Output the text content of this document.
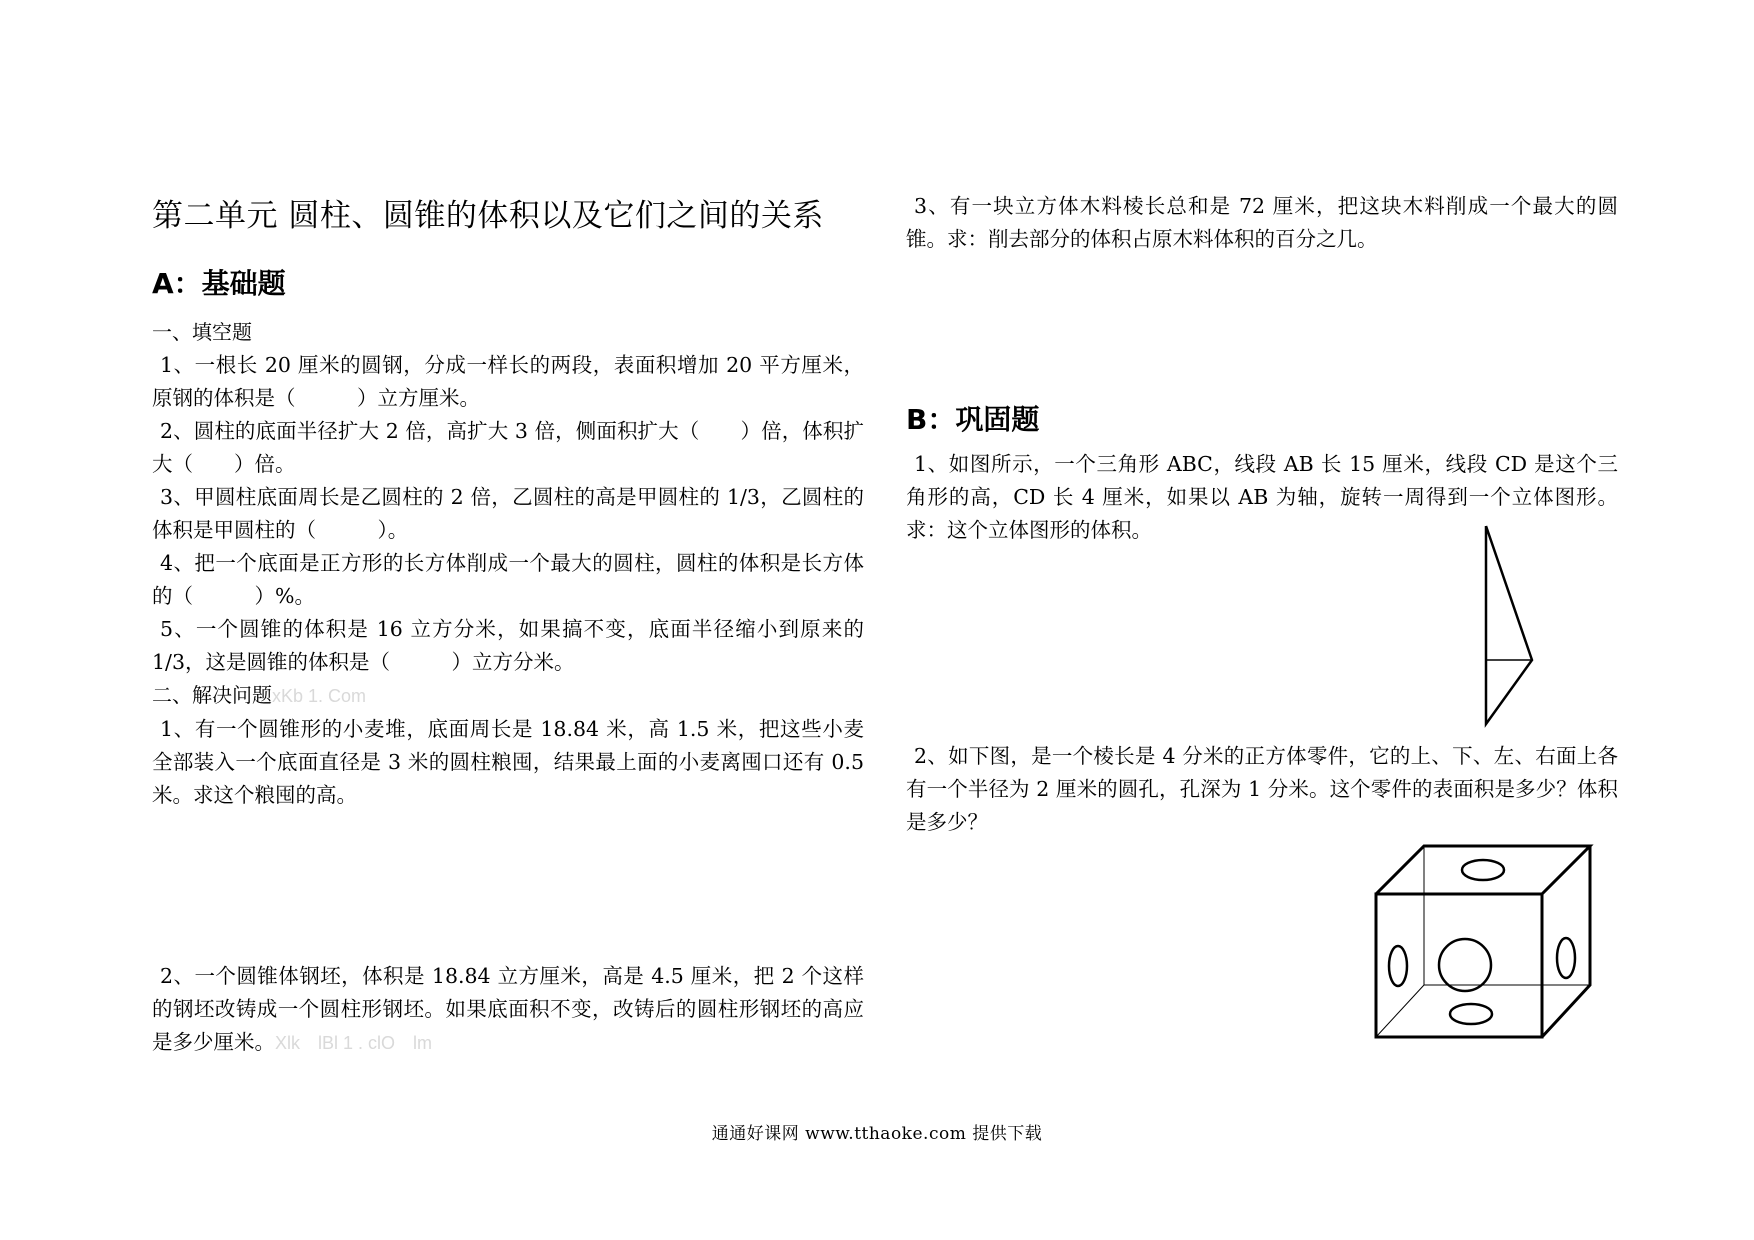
第二单元 圆柱、圆锥的体积以及它们之间的关系
A：基础题

一、填空题

1、一根长 20 厘米的圆钢，分成一样长的两段，表面积增加 20 平方厘米，原钢的体积是（　　　）立方厘米。

2、圆柱的底面半径扩大 2 倍，高扩大 3 倍，侧面积扩大（　　）倍，体积扩大（　　）倍。

3、甲圆柱底面周长是乙圆柱的 2 倍，乙圆柱的高是甲圆柱的 1/3，乙圆柱的体积是甲圆柱的（　　　）。

4、把一个底面是正方形的长方体削成一个最大的圆柱，圆柱的体积是长方体的（　　　）%。

5、一个圆锥的体积是 16 立方分米，如果搞不变，底面半径缩小到原来的 1/3，这是圆锥的体积是（　　　）立方分米。

二、解决问题xKb 1. Com

1、有一个圆锥形的小麦堆，底面周长是 18.84 米，高 1.5 米，把这些小麦全部装入一个底面直径是 3 米的圆柱粮囤，结果最上面的小麦离囤口还有 0.5 米。求这个粮囤的高。

2、一个圆锥体钢坯，体积是 18.84 立方厘米，高是 4.5 厘米，把 2 个这样的钢坯改铸成一个圆柱形钢坯。如果底面积不变，改铸后的圆柱形钢坯的高应是多少厘米。Xlk　lBl 1 . clO　lm

3、有一块立方体木料棱长总和是 72 厘米，把这块木料削成一个最大的圆锥。求：削去部分的体积占原木料体积的百分之几。

B：巩固题

1、如图所示，一个三角形 ABC，线段 AB 长 15 厘米，线段 CD 是这个三角形的高，CD 长 4 厘米，如果以 AB 为轴，旋转一周得到一个立体图形。求：这个立体图形的体积。

2、如下图，是一个棱长是 4 分米的正方体零件，它的上、下、左、右面上各有一个半径为 2 厘米的圆孔，孔深为 1 分米。这个零件的表面积是多少？体积是多少？

通通好课网 www.tthaoke.com 提供下载
